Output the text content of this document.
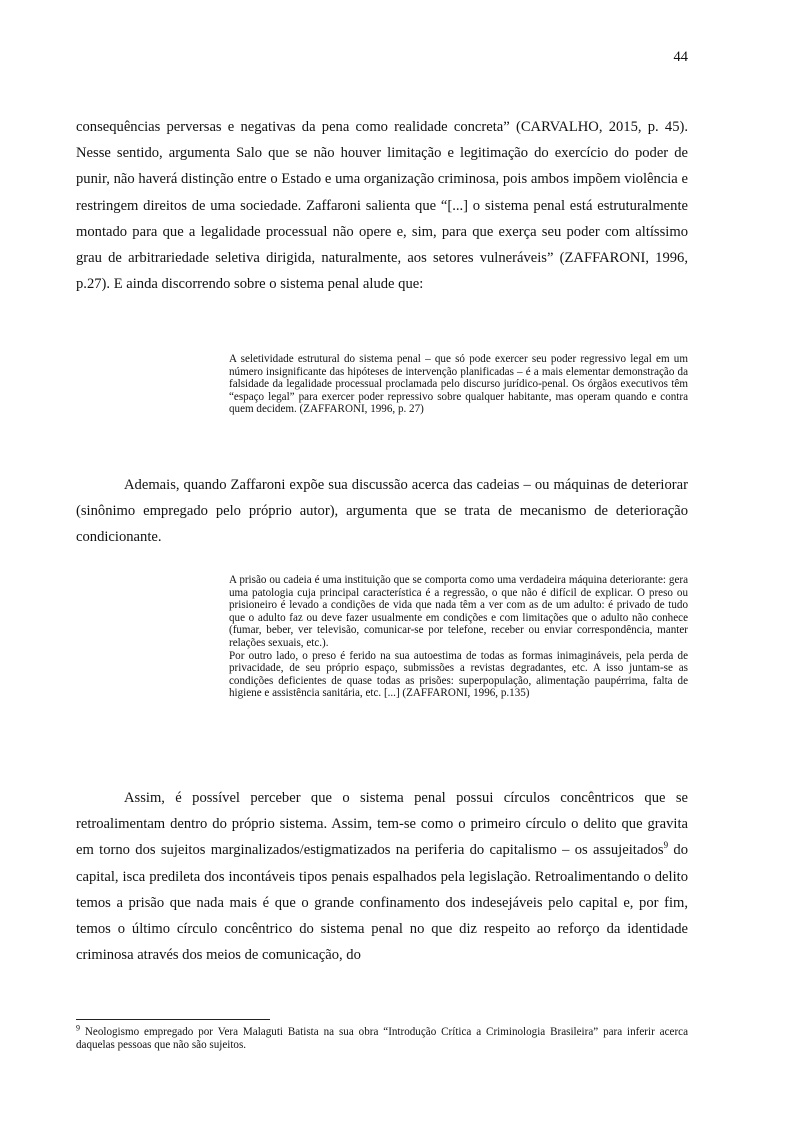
44

consequências perversas e negativas da pena como realidade concreta” (CARVALHO, 2015, p. 45). Nesse sentido, argumenta Salo que se não houver limitação e legitimação do exercício do poder de punir, não haverá distinção entre o Estado e uma organização criminosa, pois ambos impõem violência e restringem direitos de uma sociedade. Zaffaroni salienta que “[...] o sistema penal está estruturalmente montado para que a legalidade processual não opere e, sim, para que exerça seu poder com altíssimo grau de arbitrariedade seletiva dirigida, naturalmente, aos setores vulneráveis” (ZAFFARONI, 1996, p.27). E ainda discorrendo sobre o sistema penal alude que:

A seletividade estrutural do sistema penal – que só pode exercer seu poder regressivo legal em um número insignificante das hipóteses de intervenção planificadas – é a mais elementar demonstração da falsidade da legalidade processual proclamada pelo discurso jurídico-penal. Os órgãos executivos têm “espaço legal” para exercer poder repressivo sobre qualquer habitante, mas operam quando e contra quem decidem. (ZAFFARONI, 1996, p. 27)

Ademais, quando Zaffaroni expõe sua discussão acerca das cadeias – ou máquinas de deteriorar (sinônimo empregado pelo próprio autor), argumenta que se trata de mecanismo de deterioração condicionante.

A prisão ou cadeia é uma instituição que se comporta como uma verdadeira máquina deteriorante: gera uma patologia cuja principal característica é a regressão, o que não é difícil de explicar. O preso ou prisioneiro é levado a condições de vida que nada têm a ver com as de um adulto: é privado de tudo que o adulto faz ou deve fazer usualmente em condições e com limitações que o adulto não conhece (fumar, beber, ver televisão, comunicar-se por telefone, receber ou enviar correspondência, manter relações sexuais, etc.).

Por outro lado, o preso é ferido na sua autoestima de todas as formas inimagináveis, pela perda de privacidade, de seu próprio espaço, submissões a revistas degradantes, etc. A isso juntam-se as condições deficientes de quase todas as prisões: superpopulação, alimentação paupérrima, falta de higiene e assistência sanitária, etc. [...] (ZAFFARONI, 1996, p.135)

Assim, é possível perceber que o sistema penal possui círculos concêntricos que se retroalimentam dentro do próprio sistema. Assim, tem-se como o primeiro círculo o delito que gravita em torno dos sujeitos marginalizados/estigmatizados na periferia do capitalismo – os assujeitados$^9$ do capital, isca predileta dos incontáveis tipos penais espalhados pela legislação. Retroalimentando o delito temos a prisão que nada mais é que o grande confinamento dos indesejáveis pelo capital e, por fim, temos o último círculo concêntrico do sistema penal no que diz respeito ao reforço da identidade criminosa através dos meios de comunicação, do

$^9$ Neologismo empregado por Vera Malaguti Batista na sua obra “Introdução Crítica a Criminologia Brasileira” para inferir acerca daquelas pessoas que não são sujeitos.
